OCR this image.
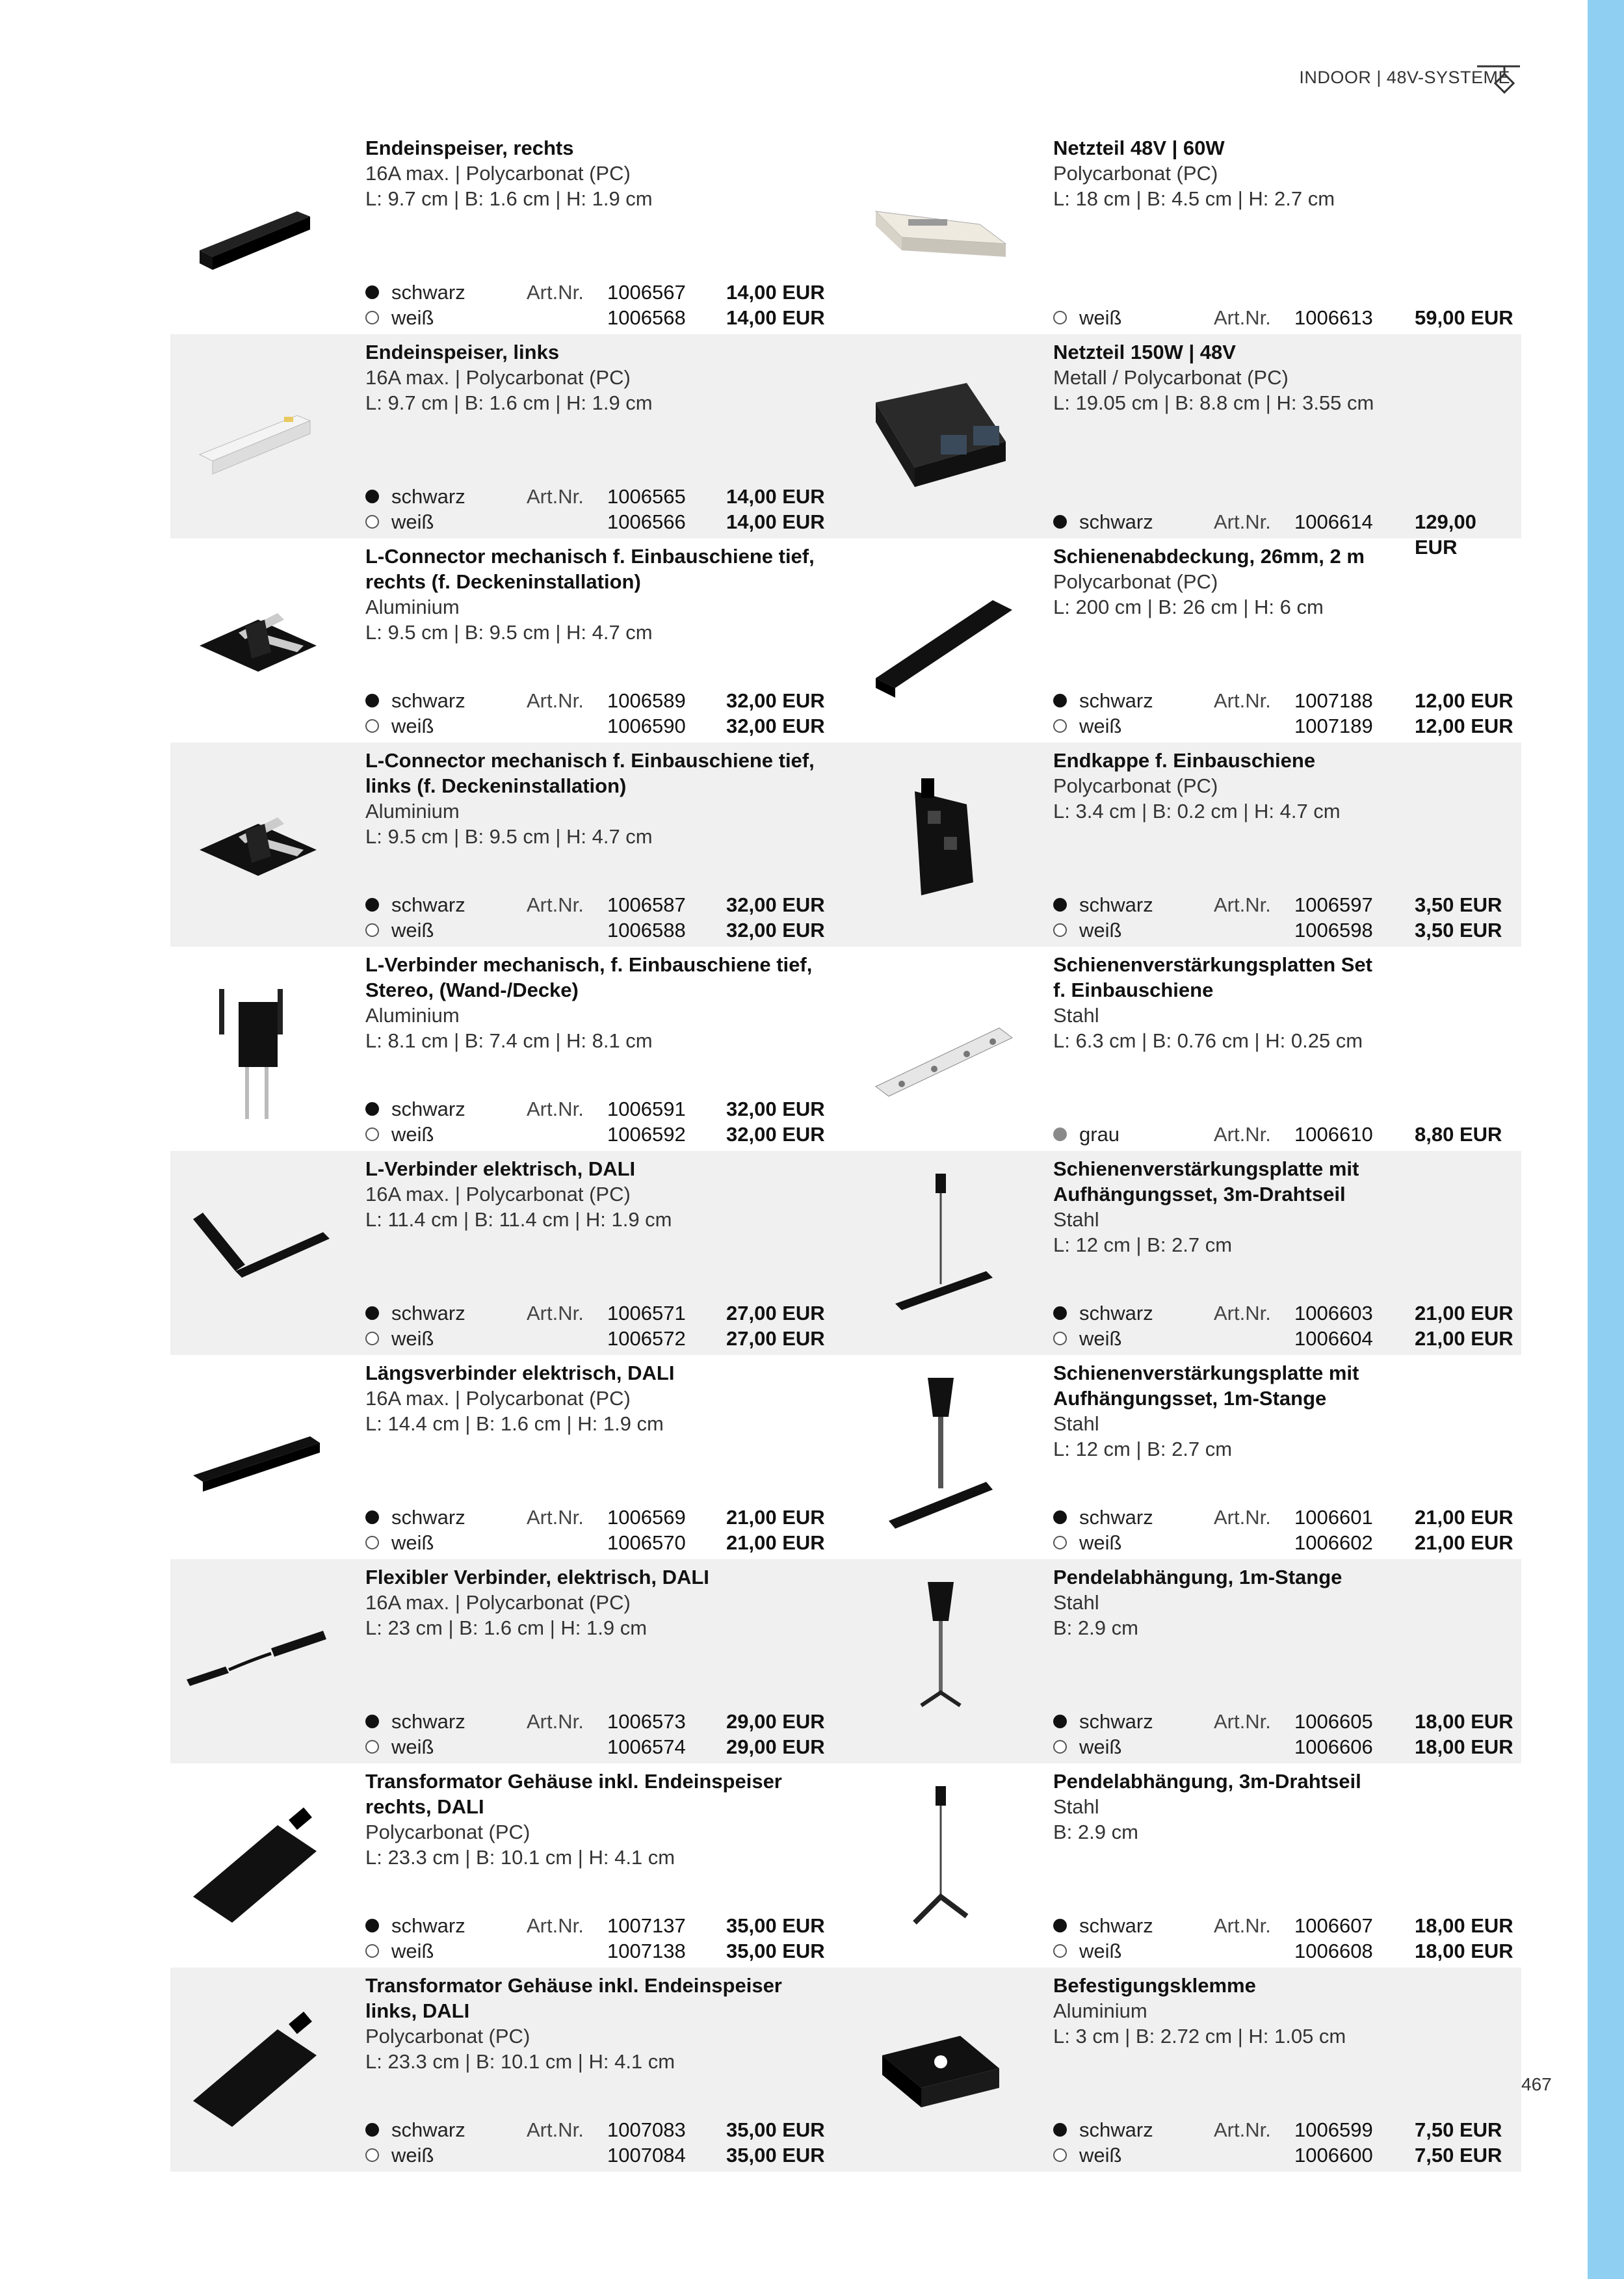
INDOOR | 48V-SYSTEME
467
Endeinspeiser, rechts
16A max. | Polycarbonat (PC)
L: 9.7 cm | B: 1.6 cm | H: 1.9 cm
schwarz	Art.Nr. 1006567 14,00 EUR
weiß	1006568 14,00 EUR
Netzteil 48V | 60W
Polycarbonat (PC)
L: 18 cm | B: 4.5 cm | H: 2.7 cm
weiß	Art.Nr. 1006613 59,00 EUR
Endeinspeiser, links
16A max. | Polycarbonat (PC)
L: 9.7 cm | B: 1.6 cm | H: 1.9 cm
schwarz	Art.Nr. 1006565 14,00 EUR
weiß	1006566 14,00 EUR
Netzteil 150W | 48V
Metall / Polycarbonat (PC)
L: 19.05 cm | B: 8.8 cm | H: 3.55 cm
schwarz	Art.Nr. 1006614 129,00 EUR
L-Connector mechanisch f. Einbauschiene tief,
rechts (f. Deckeninstallation)
Aluminium
L: 9.5 cm | B: 9.5 cm | H: 4.7 cm
schwarz	Art.Nr. 1006589 32,00 EUR
weiß	1006590 32,00 EUR
Schienenabdeckung, 26mm, 2 m
Polycarbonat (PC)
L: 200 cm | B: 26 cm | H: 6 cm
schwarz	Art.Nr. 1007188 12,00 EUR
weiß	1007189 12,00 EUR
L-Connector mechanisch f. Einbauschiene tief,
links (f. Deckeninstallation)
Aluminium
L: 9.5 cm | B: 9.5 cm | H: 4.7 cm
schwarz	Art.Nr. 1006587 32,00 EUR
weiß	1006588 32,00 EUR
Endkappe f. Einbauschiene
Polycarbonat (PC)
L: 3.4 cm | B: 0.2 cm | H: 4.7 cm
schwarz	Art.Nr. 1006597 3,50 EUR
weiß	1006598 3,50 EUR
L-Verbinder mechanisch, f. Einbauschiene tief,
Stereo, (Wand-/Decke)
Aluminium
L: 8.1 cm | B: 7.4 cm | H: 8.1 cm
schwarz	Art.Nr. 1006591 32,00 EUR
weiß	1006592 32,00 EUR
Schienenverstärkungsplatten Set
f. Einbauschiene
Stahl
L: 6.3 cm | B: 0.76 cm | H: 0.25 cm
grau	Art.Nr. 1006610 8,80 EUR
L-Verbinder elektrisch, DALI
16A max. | Polycarbonat (PC)
L: 11.4 cm | B: 11.4 cm | H: 1.9 cm
schwarz	Art.Nr. 1006571 27,00 EUR
weiß	1006572 27,00 EUR
Schienenverstärkungsplatte mit
Aufhängungsset, 3m-Drahtseil
Stahl
L: 12 cm | B: 2.7 cm
schwarz	Art.Nr. 1006603 21,00 EUR
weiß	1006604 21,00 EUR
Längsverbinder elektrisch, DALI
16A max. | Polycarbonat (PC)
L: 14.4 cm | B: 1.6 cm | H: 1.9 cm
schwarz	Art.Nr. 1006569 21,00 EUR
weiß	1006570 21,00 EUR
Schienenverstärkungsplatte mit
Aufhängungsset, 1m-Stange
Stahl
L: 12 cm | B: 2.7 cm
schwarz	Art.Nr. 1006601 21,00 EUR
weiß	1006602 21,00 EUR
Flexibler Verbinder, elektrisch, DALI
16A max. | Polycarbonat (PC)
L: 23 cm | B: 1.6 cm | H: 1.9 cm
schwarz	Art.Nr. 1006573 29,00 EUR
weiß	1006574 29,00 EUR
Pendelabhängung, 1m-Stange
Stahl
B: 2.9 cm
schwarz	Art.Nr. 1006605 18,00 EUR
weiß	1006606 18,00 EUR
Transformator Gehäuse inkl. Endeinspeiser
rechts, DALI
Polycarbonat (PC)
L: 23.3 cm | B: 10.1 cm | H: 4.1 cm
schwarz	Art.Nr. 1007137 35,00 EUR
weiß	1007138 35,00 EUR
Pendelabhängung, 3m-Drahtseil
Stahl
B: 2.9 cm
schwarz	Art.Nr. 1006607 18,00 EUR
weiß	1006608 18,00 EUR
Transformator Gehäuse inkl. Endeinspeiser
links, DALI
Polycarbonat (PC)
L: 23.3 cm | B: 10.1 cm | H: 4.1 cm
schwarz	Art.Nr. 1007083 35,00 EUR
weiß	1007084 35,00 EUR
Befestigungsklemme
Aluminium
L: 3 cm | B: 2.72 cm | H: 1.05 cm
schwarz	Art.Nr. 1006599 7,50 EUR
weiß	1006600 7,50 EUR
